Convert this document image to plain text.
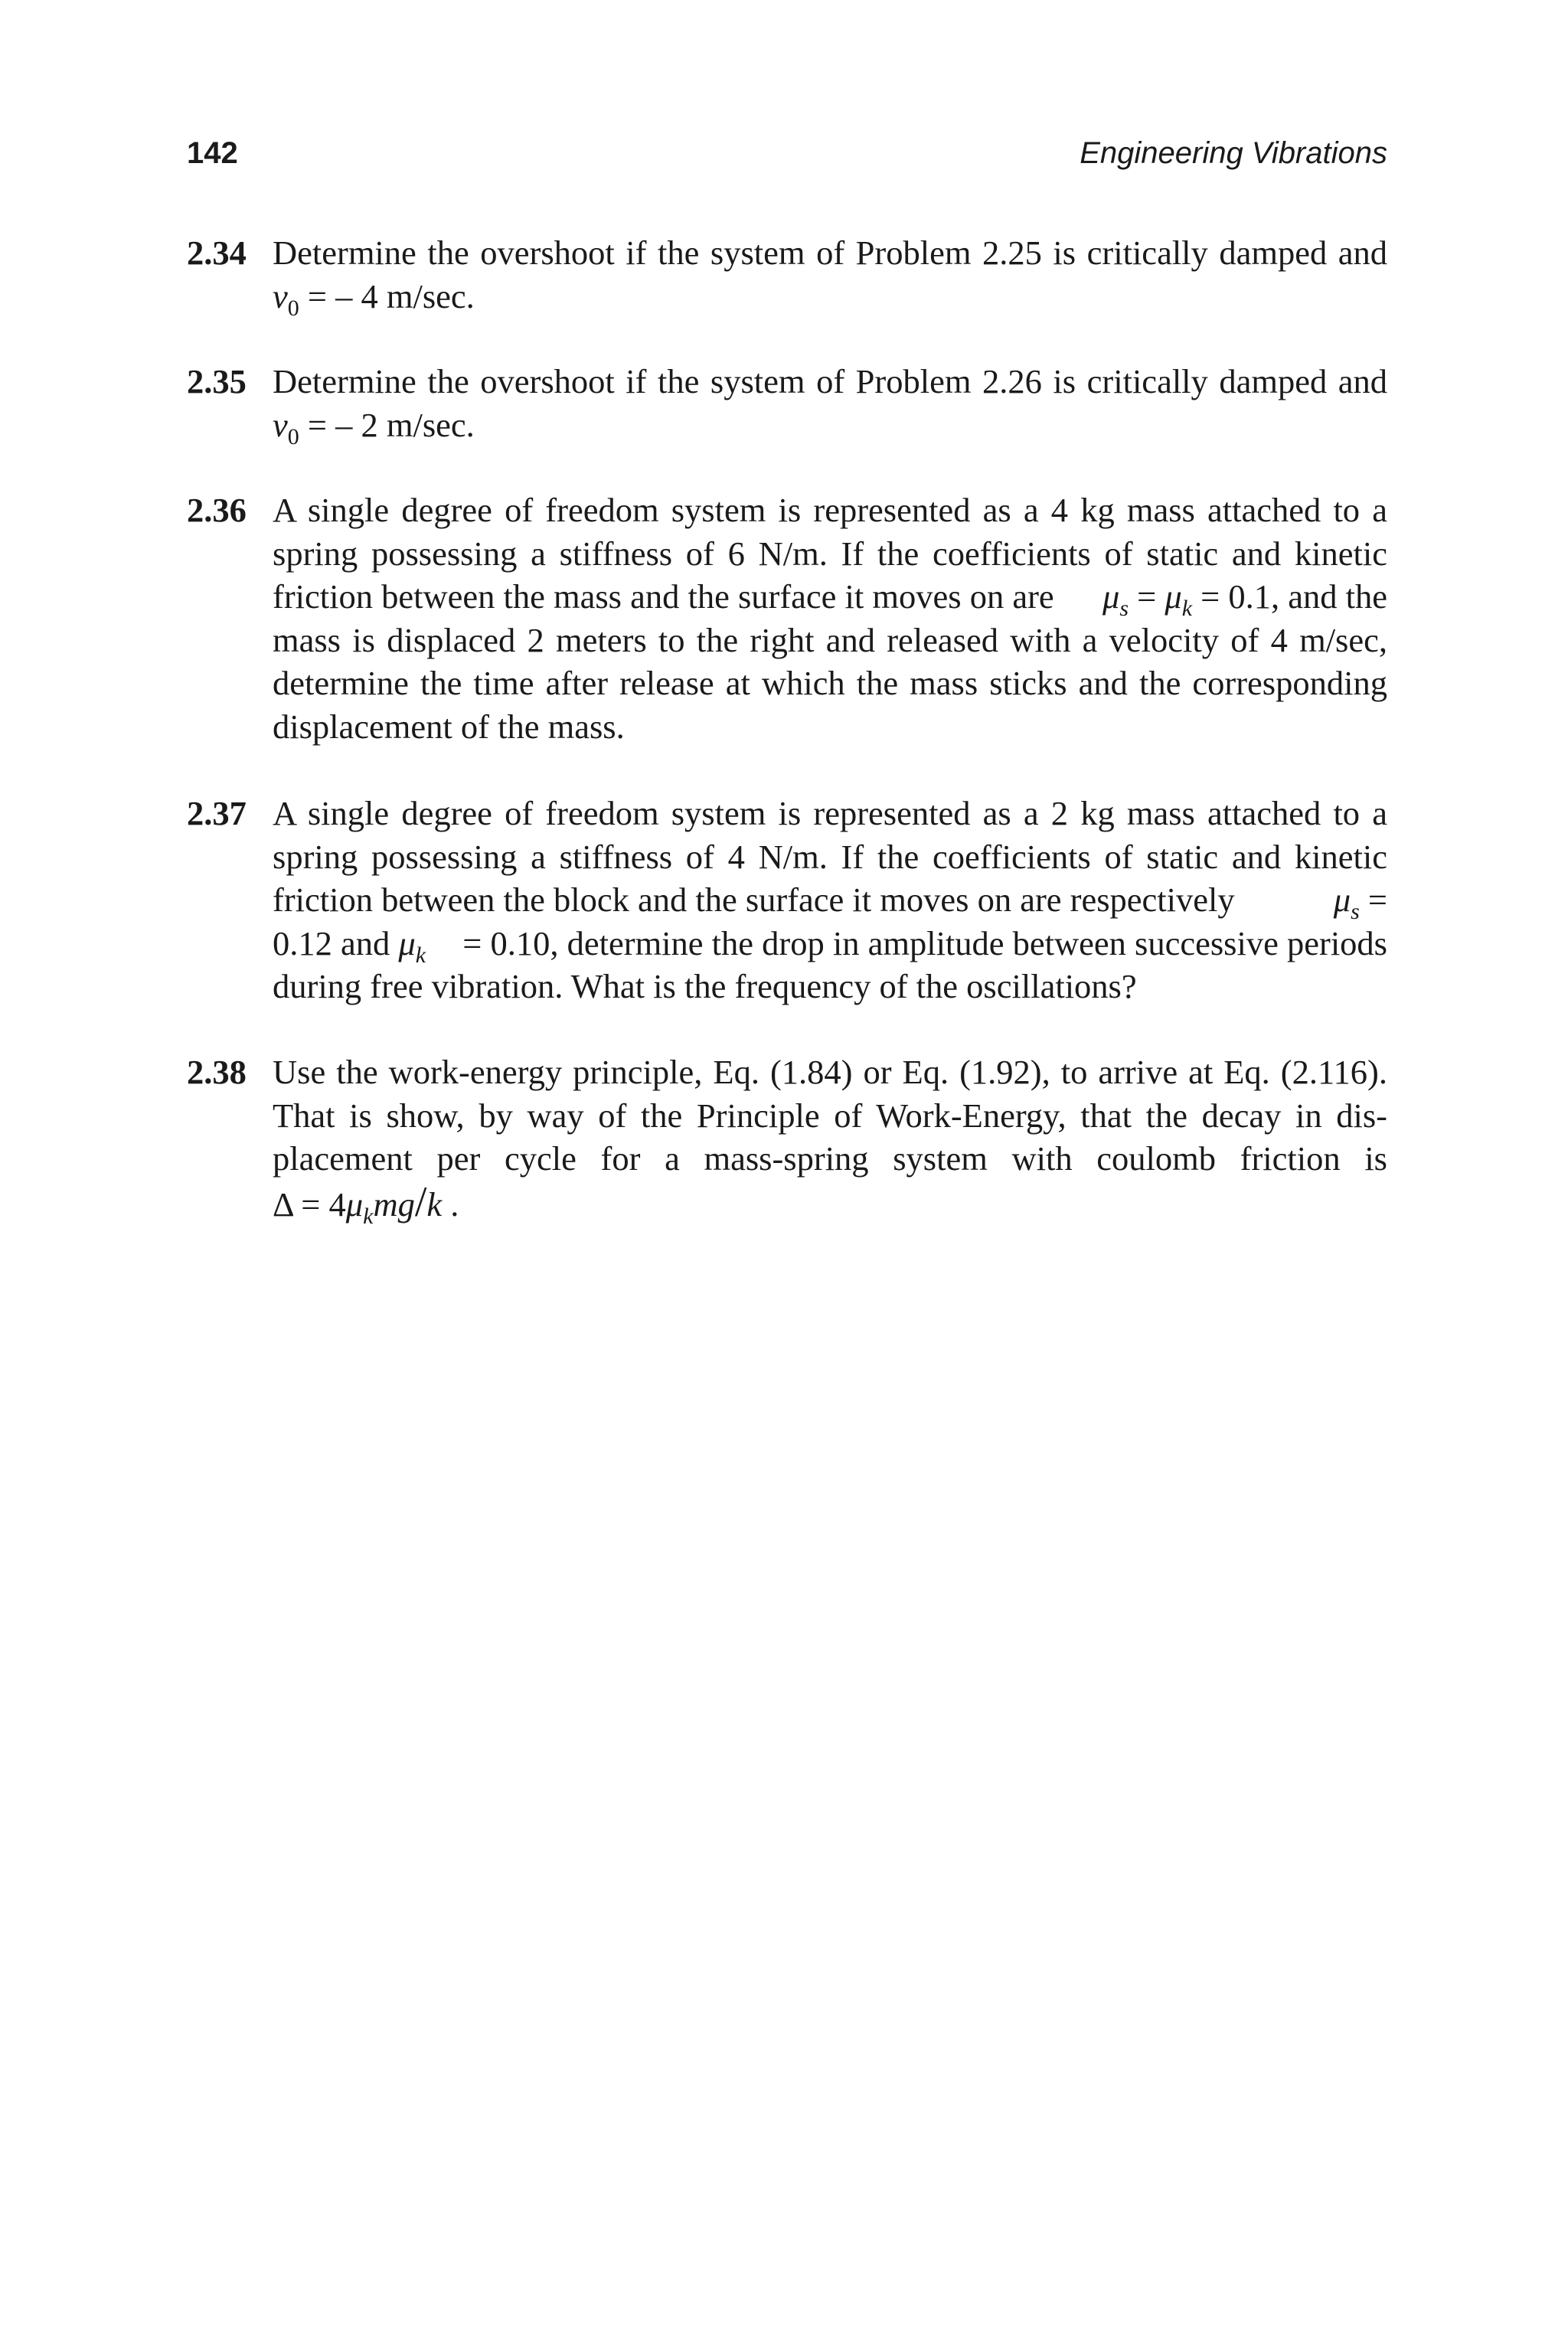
142	Engineering Vibrations
2.34 Determine the overshoot if the system of Problem 2.25 is critically damped and
$v_0$ = – 4 m/sec.
2.35 Determine the overshoot if the system of Problem 2.26 is critically damped and
$v_0$ = – 2 m/sec.
2.36 A single degree of freedom system is represented as a 4 kg mass attached to a
spring possessing a stiffness of 6 N/m. If the coefficients of static and kinetic
friction between the mass and the surface it moves on are $\mu_s = \mu_k = 0.1$, and the
mass is displaced 2 meters to the right and released with a velocity of 4 m/sec,
determine the time after release at which the mass sticks and the corresponding
displacement of the mass.
2.37 A single degree of freedom system is represented as a 2 kg mass attached to a
spring possessing a stiffness of 4 N/m. If the coefficients of static and kinetic
friction between the block and the surface it moves on are respectively	$\mu_s$ =
0.12 and $\mu_k = 0.10$, determine the drop in amplitude between successive periods
during free vibration. What is the frequency of the oscillations?
2.38 Use the work-energy principle, Eq. (1.84) or Eq. (1.92), to arrive at Eq. (2.116).
That is show, by way of the Principle of Work-Energy, that the decay in dis-
placement per cycle for a mass-spring system with coulomb friction is
$\Delta = 4\mu_kmg/k$ .
